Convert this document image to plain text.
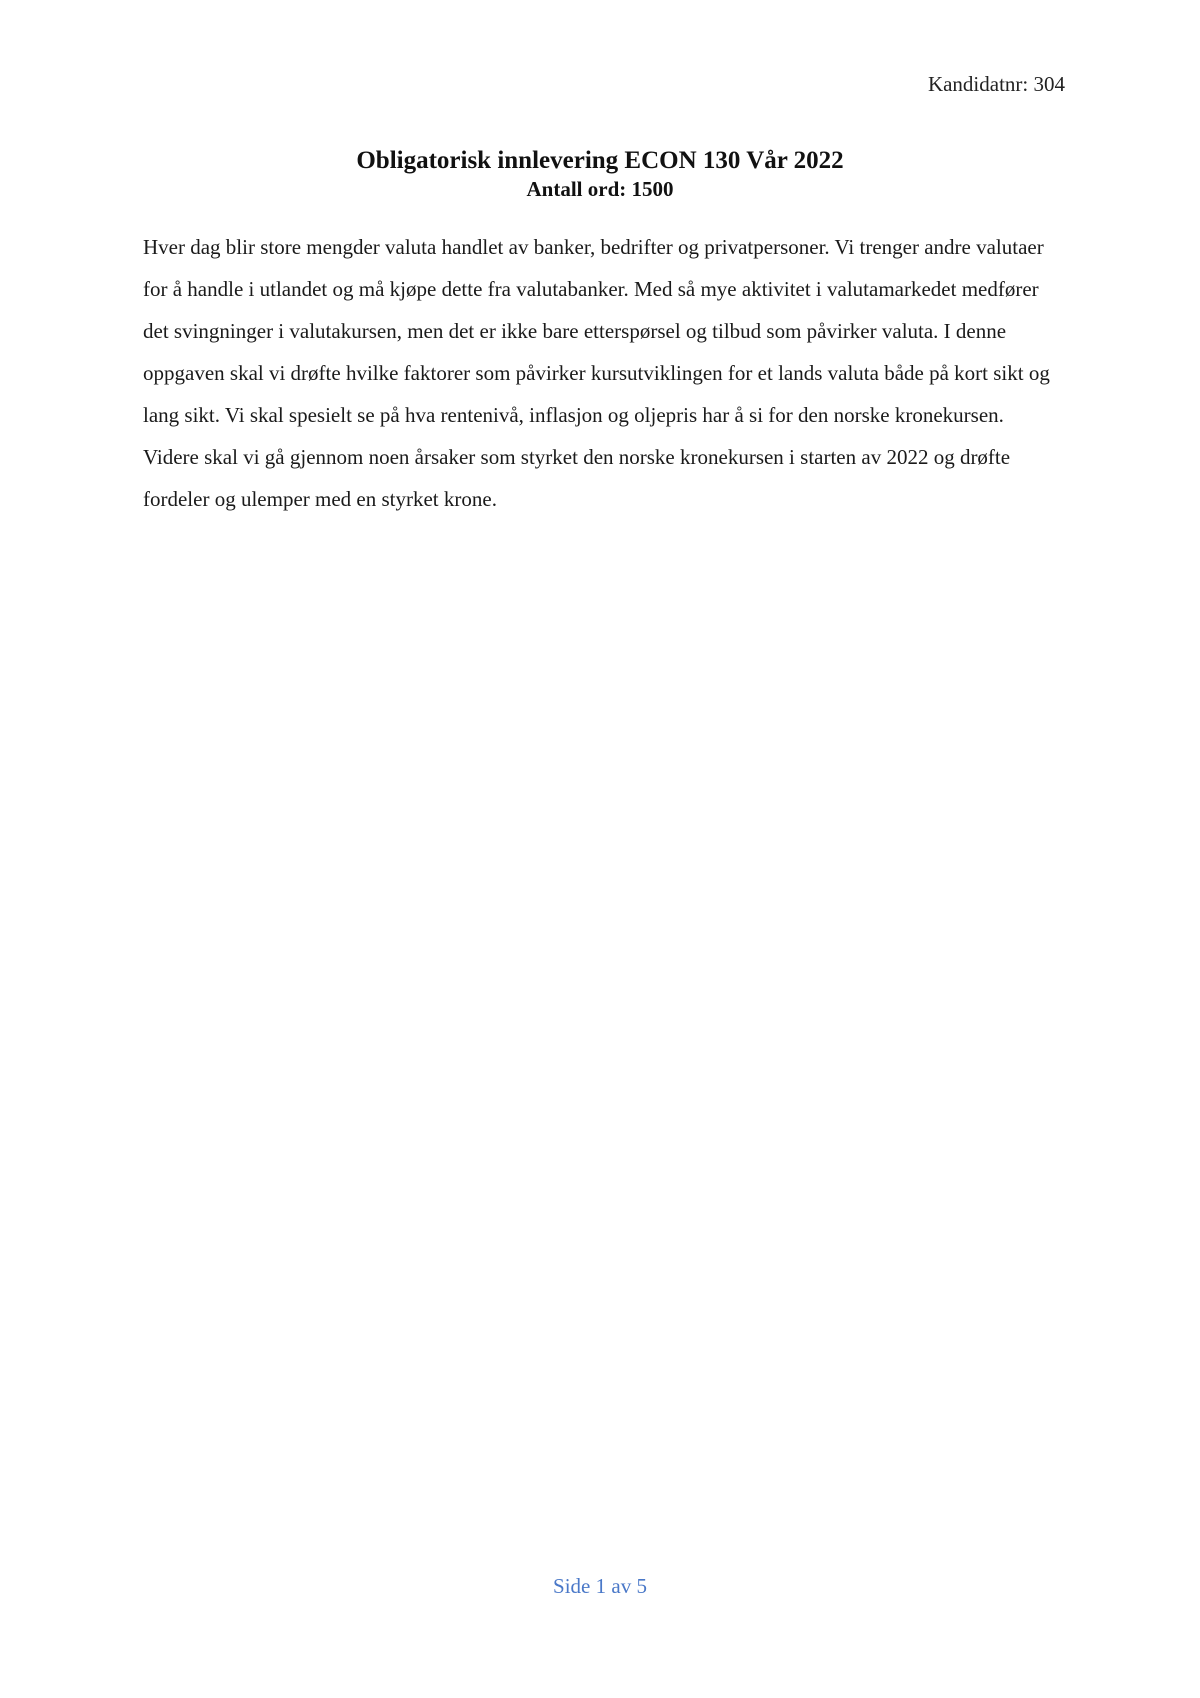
Kandidatnr: 304

Obligatorisk innlevering ECON 130 Vår 2022

Antall ord: 1500

Hver dag blir store mengder valuta handlet av banker, bedrifter og privatpersoner. Vi trenger andre valutaer for å handle i utlandet og må kjøpe dette fra valutabanker. Med så mye aktivitet i valutamarkedet medfører det svingninger i valutakursen, men det er ikke bare etterspørsel og tilbud som påvirker valuta. I denne oppgaven skal vi drøfte hvilke faktorer som påvirker kursutviklingen for et lands valuta både på kort sikt og lang sikt. Vi skal spesielt se på hva rentenivå, inflasjon og oljepris har å si for den norske kronekursen. Videre skal vi gå gjennom noen årsaker som styrket den norske kronekursen i starten av 2022 og drøfte fordeler og ulemper med en styrket krone.

Side 1 av 5
